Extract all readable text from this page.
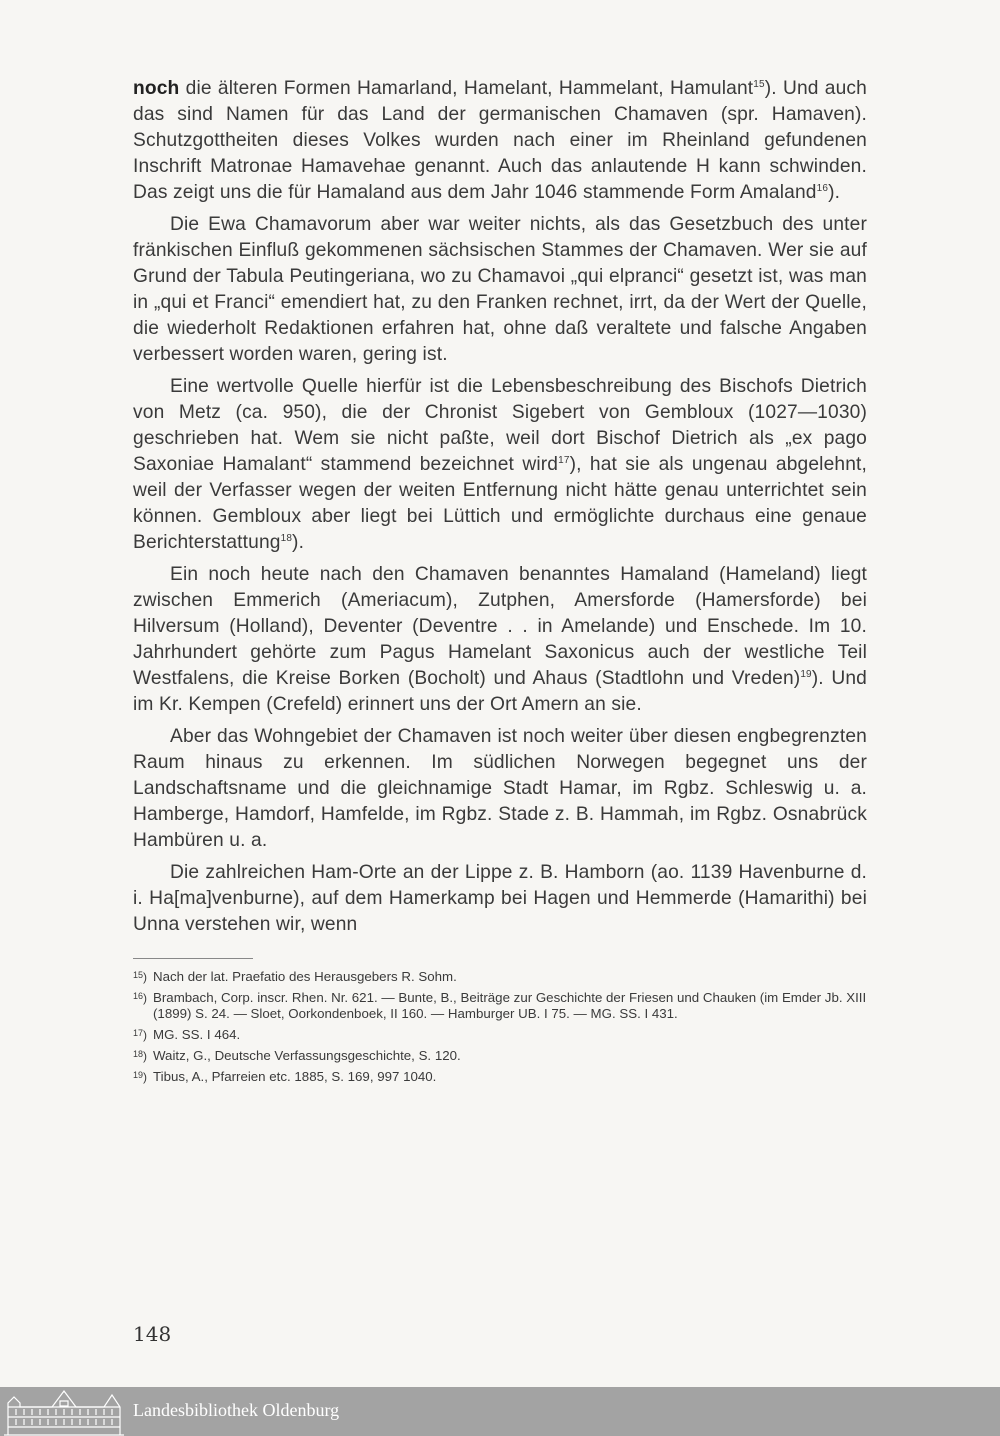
noch die älteren Formen Hamarland, Hamelant, Hammelant, Hamulant$^{15}$). Und auch das sind Namen für das Land der germanischen Chamaven (spr. Hamaven). Schutzgottheiten dieses Volkes wurden nach einer im Rheinland gefundenen Inschrift Matronae Hamavehae genannt. Auch das anlautende H kann schwinden. Das zeigt uns die für Hamaland aus dem Jahr 1046 stammende Form Amaland$^{16}$).

Die Ewa Chamavorum aber war weiter nichts, als das Gesetzbuch des unter fränkischen Einfluß gekommenen sächsischen Stammes der Chamaven. Wer sie auf Grund der Tabula Peutingeriana, wo zu Chamavoi „qui elpranci“ gesetzt ist, was man in „qui et Franci“ emendiert hat, zu den Franken rechnet, irrt, da der Wert der Quelle, die wiederholt Redaktionen erfahren hat, ohne daß veraltete und falsche Angaben verbessert worden waren, gering ist.

Eine wertvolle Quelle hierfür ist die Lebensbeschreibung des Bischofs Dietrich von Metz (ca. 950), die der Chronist Sigebert von Gembloux (1027—1030) geschrieben hat. Wem sie nicht paßte, weil dort Bischof Dietrich als „ex pago Saxoniae Hamalant“ stammend bezeichnet wird$^{17}$), hat sie als ungenau abgelehnt, weil der Verfasser wegen der weiten Entfernung nicht hätte genau unterrichtet sein können. Gembloux aber liegt bei Lüttich und ermöglichte durchaus eine genaue Berichterstattung$^{18}$).

Ein noch heute nach den Chamaven benanntes Hamaland (Hameland) liegt zwischen Emmerich (Ameriacum), Zutphen, Amersforde (Hamersforde) bei Hilversum (Holland), Deventer (Deventre . . in Amelande) und Enschede. Im 10. Jahrhundert gehörte zum Pagus Hamelant Saxonicus auch der westliche Teil Westfalens, die Kreise Borken (Bocholt) und Ahaus (Stadtlohn und Vreden)$^{19}$). Und im Kr. Kempen (Crefeld) erinnert uns der Ort Amern an sie.

Aber das Wohngebiet der Chamaven ist noch weiter über diesen engbegrenzten Raum hinaus zu erkennen. Im südlichen Norwegen begegnet uns der Landschaftsname und die gleichnamige Stadt Hamar, im Rgbz. Schleswig u. a. Hamberge, Hamdorf, Hamfelde, im Rgbz. Stade z. B. Hammah, im Rgbz. Osnabrück Hambüren u. a.

Die zahlreichen Ham-Orte an der Lippe z. B. Hamborn (ao. 1139 Havenburne d. i. Ha[ma]venburne), auf dem Hamerkamp bei Hagen und Hemmerde (Hamarithi) bei Unna verstehen wir, wenn

$^{15}$) Nach der lat. Praefatio des Herausgebers R. Sohm.
$^{16}$) Brambach, Corp. inscr. Rhen. Nr. 621. — Bunte, B., Beiträge zur Geschichte der Friesen und Chauken (im Emder Jb. XIII (1899) S. 24. — Sloet, Oorkondenboek, II 160. — Hamburger UB. I 75. — MG. SS. I 431.
$^{17}$) MG. SS. I 464.
$^{18}$) Waitz, G., Deutsche Verfassungsgeschichte, S. 120.
$^{19}$) Tibus, A., Pfarreien etc. 1885, S. 169, 997 1040.
148
Landesbibliothek Oldenburg
